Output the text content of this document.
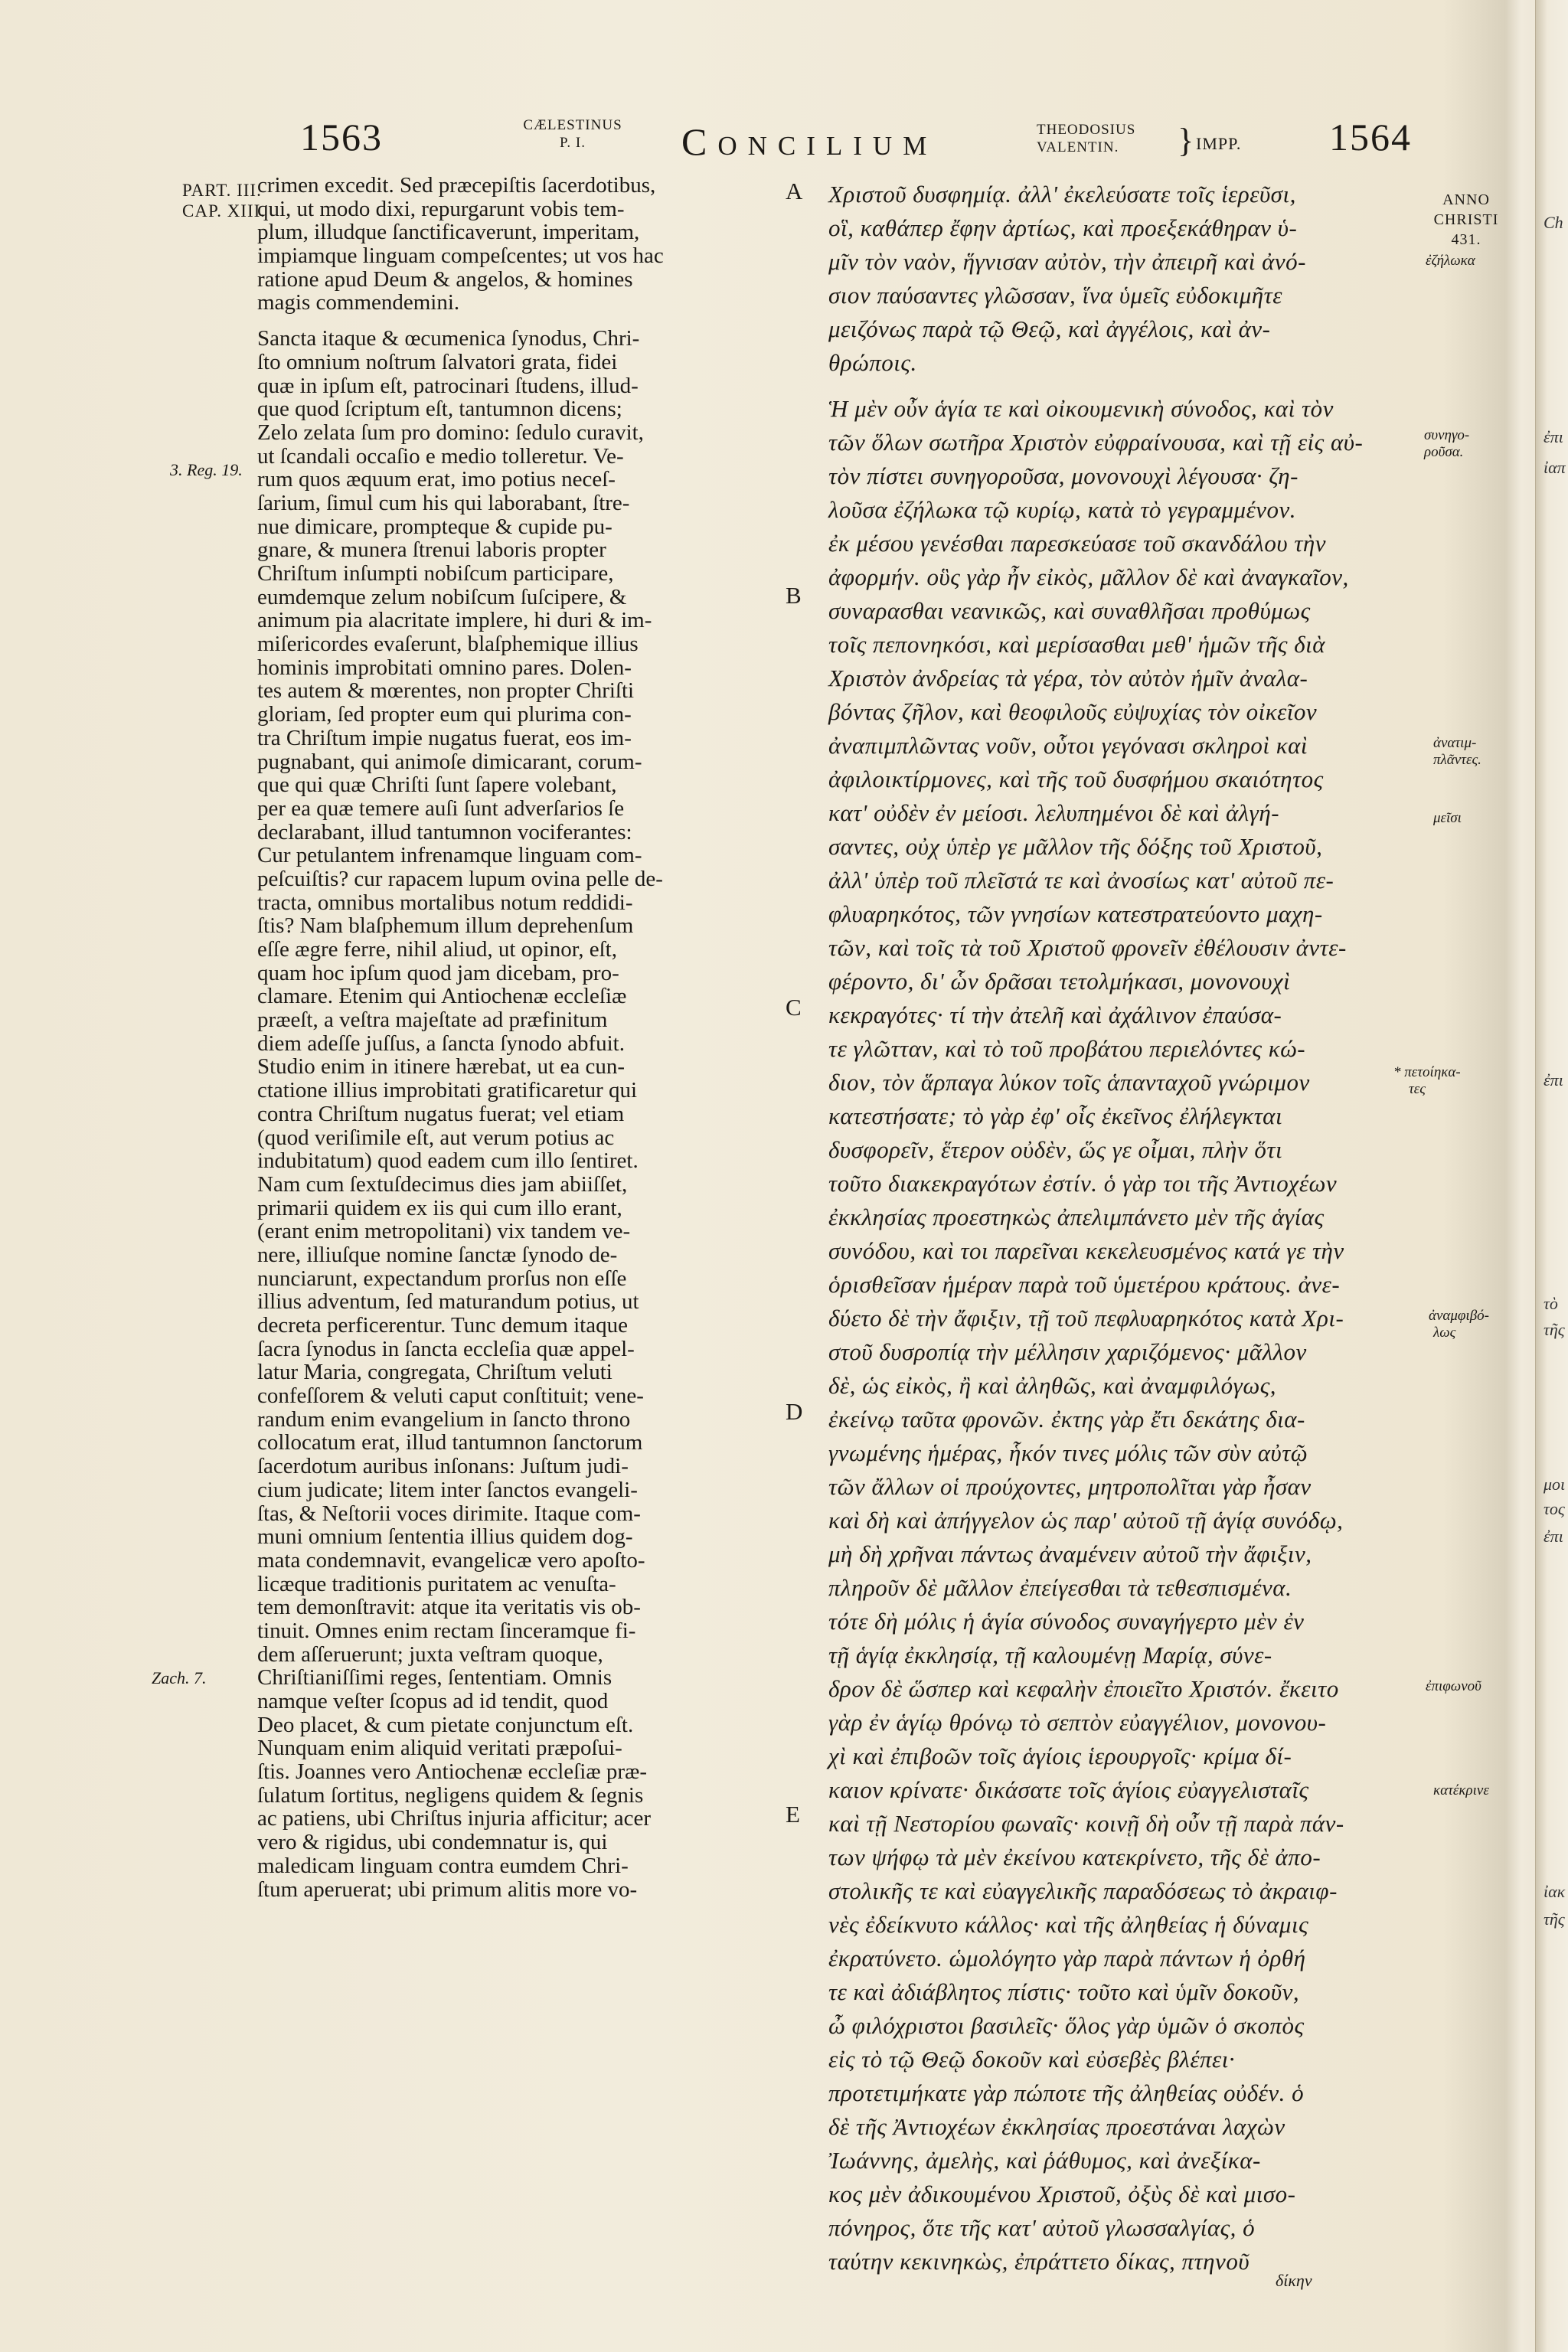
1563	CÆLESTINUS
P. I.	Concilium	THEODOSIUS
VALENTIN.	} IMPP. 1564
PART. III.
CAP. XIII.
3. Reg. 19.
Zach. 7.
crimen excedit. Sed præcepiſtis ſacerdotibus,
qui, ut modo dixi, repurgarunt vobis tem-
plum, illudque ſanctificaverunt, imperitam,
impiamque linguam compeſcentes; ut vos hac
ratione apud Deum & angelos, & homines
magis commendemini.
Sancta itaque & œcumenica ſynodus, Chri-
ſto omnium noſtrum ſalvatori grata, fidei
quæ in ipſum eſt, patrocinari ſtudens, illud-
que quod ſcriptum eſt, tantumnon dicens;
Zelo zelata ſum pro domino: ſedulo curavit,
ut ſcandali occaſio e medio tolleretur. Ve-
rum quos æquum erat, imo potius neceſ-
ſarium, ſimul cum his qui laborabant, ſtre-
nue dimicare, prompteque & cupide pu-
gnare, & munera ſtrenui laboris propter
Chriſtum inſumpti nobiſcum participare,
eumdemque zelum nobiſcum ſuſcipere, &
animum pia alacritate implere, hi duri & im-
miſericordes evaſerunt, blaſphemique illius
hominis improbitati omnino pares. Dolen-
tes autem & mœrentes, non propter Chriſti
gloriam, ſed propter eum qui plurima con-
tra Chriſtum impie nugatus fuerat, eos im-
pugnabant, qui animoſe dimicarant, corum-
que qui quæ Chriſti ſunt ſapere volebant,
per ea quæ temere auſi ſunt adverſarios ſe
declarabant, illud tantumnon vociferantes:
Cur petulantem infrenamque linguam com-
peſcuiſtis? cur rapacem lupum ovina pelle de-
tracta, omnibus mortalibus notum reddidi-
ſtis? Nam blaſphemum illum deprehenſum
eſſe ægre ferre, nihil aliud, ut opinor, eſt,
quam hoc ipſum quod jam dicebam, pro-
clamare. Etenim qui Antiochenæ eccleſiæ
præeſt, a veſtra majeſtate ad præfinitum
diem adeſſe juſſus, a ſancta ſynodo abfuit.
Studio enim in itinere hærebat, ut ea cun-
ctatione illius improbitati gratificaretur qui
contra Chriſtum nugatus fuerat; vel etiam
(quod veriſimile eſt, aut verum potius ac
indubitatum) quod eadem cum illo ſentiret.
Nam cum ſextuſdecimus dies jam abiiſſet,
primarii quidem ex iis qui cum illo erant,
(erant enim metropolitani) vix tandem ve-
nere, illiuſque nomine ſanctæ ſynodo de-
nunciarunt, expectandum prorſus non eſſe
illius adventum, ſed maturandum potius, ut
decreta perficerentur. Tunc demum itaque
ſacra ſynodus in ſancta eccleſia quæ appel-
latur Maria, congregata, Chriſtum veluti
confeſſorem & veluti caput conſtituit; vene-
randum enim evangelium in ſancto throno
collocatum erat, illud tantumnon ſanctorum
ſacerdotum auribus inſonans: Juſtum judi-
cium judicate; litem inter ſanctos evangeli-
ſtas, & Neſtorii voces dirimite. Itaque com-
muni omnium ſententia illius quidem dog-
mata condemnavit, evangelicæ vero apoſto-
licæque traditionis puritatem ac venuſta-
tem demonſtravit: atque ita veritatis vis ob-
tinuit. Omnes enim rectam ſinceramque fi-
dem aſſeruerunt; juxta veſtram quoque,
Chriſtianiſſimi reges, ſententiam. Omnis
namque veſter ſcopus ad id tendit, quod
Deo placet, & cum pietate conjunctum eſt.
Nunquam enim aliquid veritati præpoſui-
ſtis. Joannes vero Antiochenæ eccleſiæ præ-
ſulatum ſortitus, negligens quidem & ſegnis
ac patiens, ubi Chriſtus injuria afficitur; acer
vero & rigidus, ubi condemnatur is, qui
maledicam linguam contra eumdem Chri-
ſtum aperuerat; ubi primum alitis more vo-
A
B
C
D
E
Χριστοῦ δυσφημίᾳ. ἀλλ' ἐκελεύσατε τοῖς ἱερεῦσι,
οἳ, καθάπερ ἔφην ἀρτίως, καὶ προεξεκάθηραν ὑ-
μῖν τὸν ναὸν, ἥγνισαν αὐτὸν, τὴν ἀπειρῆ καὶ ἀνό-
σιον παύσαντες γλῶσσαν, ἵνα ὑμεῖς εὐδοκιμῆτε
μειζόνως παρὰ τῷ Θεῷ, καὶ ἀγγέλοις, καὶ ἀν-
θρώποις.
Ἡ μὲν οὖν ἁγία τε καὶ οἰκουμενικὴ σύνοδος, καὶ τὸν
τῶν ὅλων σωτῆρα Χριστὸν εὐφραίνουσα, καὶ τῇ εἰς αὐ-
τὸν πίστει συνηγοροῦσα, μονονουχὶ λέγουσα· ζη-
λοῦσα ἐζήλωκα τῷ κυρίῳ, κατὰ τὸ γεγραμμένον.
ἐκ μέσου γενέσθαι παρεσκεύασε τοῦ σκανδάλου τὴν
ἀφορμήν. οὓς γὰρ ἦν εἰκὸς, μᾶλλον δὲ καὶ ἀναγκαῖον,
συναρασθαι νεανικῶς, καὶ συναθλῆσαι προθύμως
τοῖς πεπονηκόσι, καὶ μερίσασθαι μεθ' ἡμῶν τῆς διὰ
Χριστὸν ἀνδρείας τὰ γέρα, τὸν αὐτὸν ἡμῖν ἀναλα-
βόντας ζῆλον, καὶ θεοφιλοῦς εὐψυχίας τὸν οἰκεῖον
ἀναπιμπλῶντας νοῦν, οὗτοι γεγόνασι σκληροὶ καὶ
ἀφιλοικτίρμονες, καὶ τῆς τοῦ δυσφήμου σκαιότητος
κατ' οὐδὲν ἐν μείοσι. λελυπημένοι δὲ καὶ ἀλγή-
σαντες, οὐχ ὑπὲρ γε μᾶλλον τῆς δόξης τοῦ Χριστοῦ,
ἀλλ' ὑπὲρ τοῦ πλεῖστά τε καὶ ἀνοσίως κατ' αὐτοῦ πε-
φλυαρηκότος, τῶν γνησίων κατεστρατεύοντο μαχη-
τῶν, καὶ τοῖς τὰ τοῦ Χριστοῦ φρονεῖν ἐθέλουσιν ἀντε-
φέροντο, δι' ὧν δρᾶσαι τετολμήκασι, μονονουχὶ
κεκραγότες· τί τὴν ἀτελῆ καὶ ἀχάλινον ἐπαύσα-
τε γλῶτταν, καὶ τὸ τοῦ προβάτου περιελόντες κώ-
διον, τὸν ἅρπαγα λύκον τοῖς ἁπανταχοῦ γνώριμον
κατεστήσατε; τὸ γὰρ ἐφ' οἷς ἐκεῖνος ἐλήλεγκται
δυσφορεῖν, ἕτερον οὐδὲν, ὥς γε οἶμαι, πλὴν ὅτι
τοῦτο διακεκραγότων ἐστίν. ὁ γὰρ τοι τῆς Ἀντιοχέων
ἐκκλησίας προεστηκὼς ἀπελιμπάνετο μὲν τῆς ἁγίας
συνόδου, καὶ τοι παρεῖναι κεκελευσμένος κατά γε τὴν
ὁρισθεῖσαν ἡμέραν παρὰ τοῦ ὑμετέρου κράτους. ἀνε-
δύετο δὲ τὴν ἄφιξιν, τῇ τοῦ πεφλυαρηκότος κατὰ Χρι-
στοῦ δυσροπίᾳ τὴν μέλλησιν χαριζόμενος· μᾶλλον
δὲ, ὡς εἰκὸς, ἢ καὶ ἀληθῶς, καὶ ἀναμφιλόγως,
ἐκείνῳ ταῦτα φρονῶν. ἐκτης γὰρ ἔτι δεκάτης δια-
γνωμένης ἡμέρας, ἧκόν τινες μόλις τῶν σὺν αὐτῷ
τῶν ἄλλων οἱ προύχοντες, μητροπολῖται γὰρ ἦσαν
καὶ δὴ καὶ ἀπήγγελον ὡς παρ' αὐτοῦ τῇ ἁγίᾳ συνόδῳ,
μὴ δὴ χρῆναι πάντως ἀναμένειν αὐτοῦ τὴν ἄφιξιν,
πληροῦν δὲ μᾶλλον ἐπείγεσθαι τὰ τεθεσπισμένα.
τότε δὴ μόλις ἡ ἁγία σύνοδος συναγήγερτο μὲν ἐν
τῇ ἁγίᾳ ἐκκλησίᾳ, τῇ καλουμένῃ Μαρίᾳ, σύνε-
δρον δὲ ὥσπερ καὶ κεφαλὴν ἐποιεῖτο Χριστόν. ἔκειτο
γὰρ ἐν ἁγίῳ θρόνῳ τὸ σεπτὸν εὐαγγέλιον, μονονου-
χὶ καὶ ἐπιβοῶν τοῖς ἁγίοις ἱερουργοῖς· κρίμα δί-
καιον κρίνατε· δικάσατε τοῖς ἁγίοις εὐαγγελισταῖς
καὶ τῇ Νεστορίου φωναῖς· κοινῇ δὴ οὖν τῇ παρὰ πάν-
των ψήφῳ τὰ μὲν ἐκείνου κατεκρίνετο, τῆς δὲ ἀπο-
στολικῆς τε καὶ εὐαγγελικῆς παραδόσεως τὸ ἀκραιφ-
νὲς ἐδείκνυτο κάλλος· καὶ τῆς ἀληθείας ἡ δύναμις
ἐκρατύνετο. ὡμολόγητο γὰρ παρὰ πάντων ἡ ὀρθή
τε καὶ ἀδιάβλητος πίστις· τοῦτο καὶ ὑμῖν δοκοῦν,
ὦ φιλόχριστοι βασιλεῖς· ὅλος γὰρ ὑμῶν ὁ σκοπὸς
εἰς τὸ τῷ Θεῷ δοκοῦν καὶ εὐσεβὲς βλέπει·
προτετιμήκατε γὰρ πώποτε τῆς ἀληθείας οὐδέν. ὁ
δὲ τῆς Ἀντιοχέων ἐκκλησίας προεστάναι λαχὼν
Ἰωάννης, ἀμελὴς, καὶ ῥάθυμος, καὶ ἀνεξίκα-
κος μὲν ἀδικουμένου Χριστοῦ, ὀξὺς δὲ καὶ μισο-
πόνηρος, ὅτε τῆς κατ' αὐτοῦ γλωσσαλγίας, ὁ
ταύτην κεκινηκὼς, ἐπράττετο δίκας, πτηνοῦ
ANNO
CHRISTI
431.
ἐζήλωκα
συνηγο-
ροῦσα.
ἀνατιμ-
πλᾶντες.
μεῖσι
* πετοίηκα-
τες
ἀναμφιβό-
λως
ἐπιφωνοῦ
κατέκρινε
δίκην
Ch
ἐπι
ἰαπ
ἐπι
τὸ
τῆς
μοι
τος
ἐπι
ἰακ
τῆς
